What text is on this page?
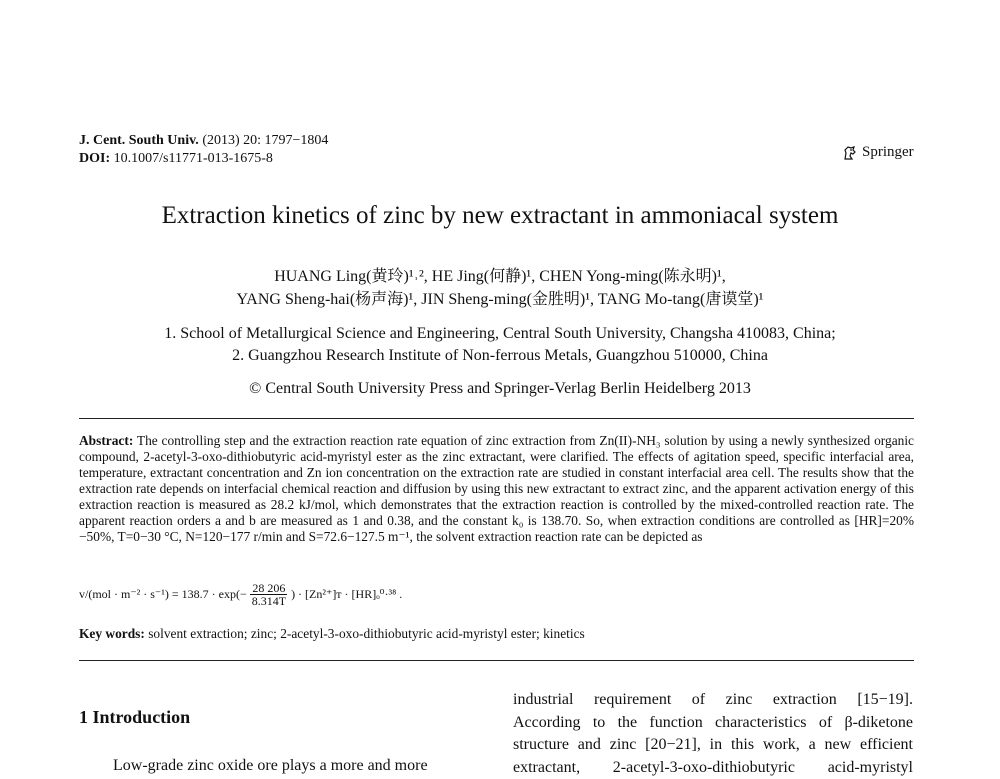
J. Cent. South Univ. (2013) 20: 1797−1804
DOI: 10.1007/s11771-013-1675-8	Springer
Extraction kinetics of zinc by new extractant in ammoniacal system
HUANG Ling(黄玲)¹˒², HE Jing(何静)¹, CHEN Yong-ming(陈永明)¹,
YANG Sheng-hai(杨声海)¹, JIN Sheng-ming(金胜明)¹, TANG Mo-tang(唐谟堂)¹
1. School of Metallurgical Science and Engineering, Central South University, Changsha 410083, China;
2. Guangzhou Research Institute of Non-ferrous Metals, Guangzhou 510000, China
© Central South University Press and Springer-Verlag Berlin Heidelberg 2013
Abstract: The controlling step and the extraction reaction rate equation of zinc extraction from Zn(II)-NH₃ solution by using a newly synthesized organic compound, 2-acetyl-3-oxo-dithiobutyric acid-myristyl ester as the zinc extractant, were clarified. The effects of agitation speed, specific interfacial area, temperature, extractant concentration and Zn ion concentration on the extraction rate are studied in constant interfacial area cell. The results show that the extraction rate depends on interfacial chemical reaction and diffusion by using this new extractant to extract zinc, and the apparent activation energy of this extraction reaction is measured as 28.2 kJ/mol, which demonstrates that the extraction reaction is controlled by the mixed-controlled reaction rate. The apparent reaction orders a and b are measured as 1 and 0.38, and the constant k₀ is 138.70. So, when extraction conditions are controlled as [HR]=20%−50%, T=0−30 °C, N=120−177 r/min and S=72.6−127.5 m⁻¹, the solvent extraction reaction rate can be depicted as
$v/(mol \cdot m^{-2} \cdot s^{-1}) = 138.7 \cdot \exp(- \frac{28 206}{8.314T}$ ) · [Zn²⁺]ᴛ · [HR]ₒ⁰·³⁸ .
Key words: solvent extraction; zinc; 2-acetyl-3-oxo-dithiobutyric acid-myristyl ester; kinetics
1 Introduction
Low-grade zinc oxide ore plays a more and more
industrial requirement of zinc extraction [15−19].
According to the function characteristics of β-diketone
structure and zinc [20−21], in this work, a new efficient
extractant, 2-acetyl-3-oxo-dithiobutyric acid-myristyl
